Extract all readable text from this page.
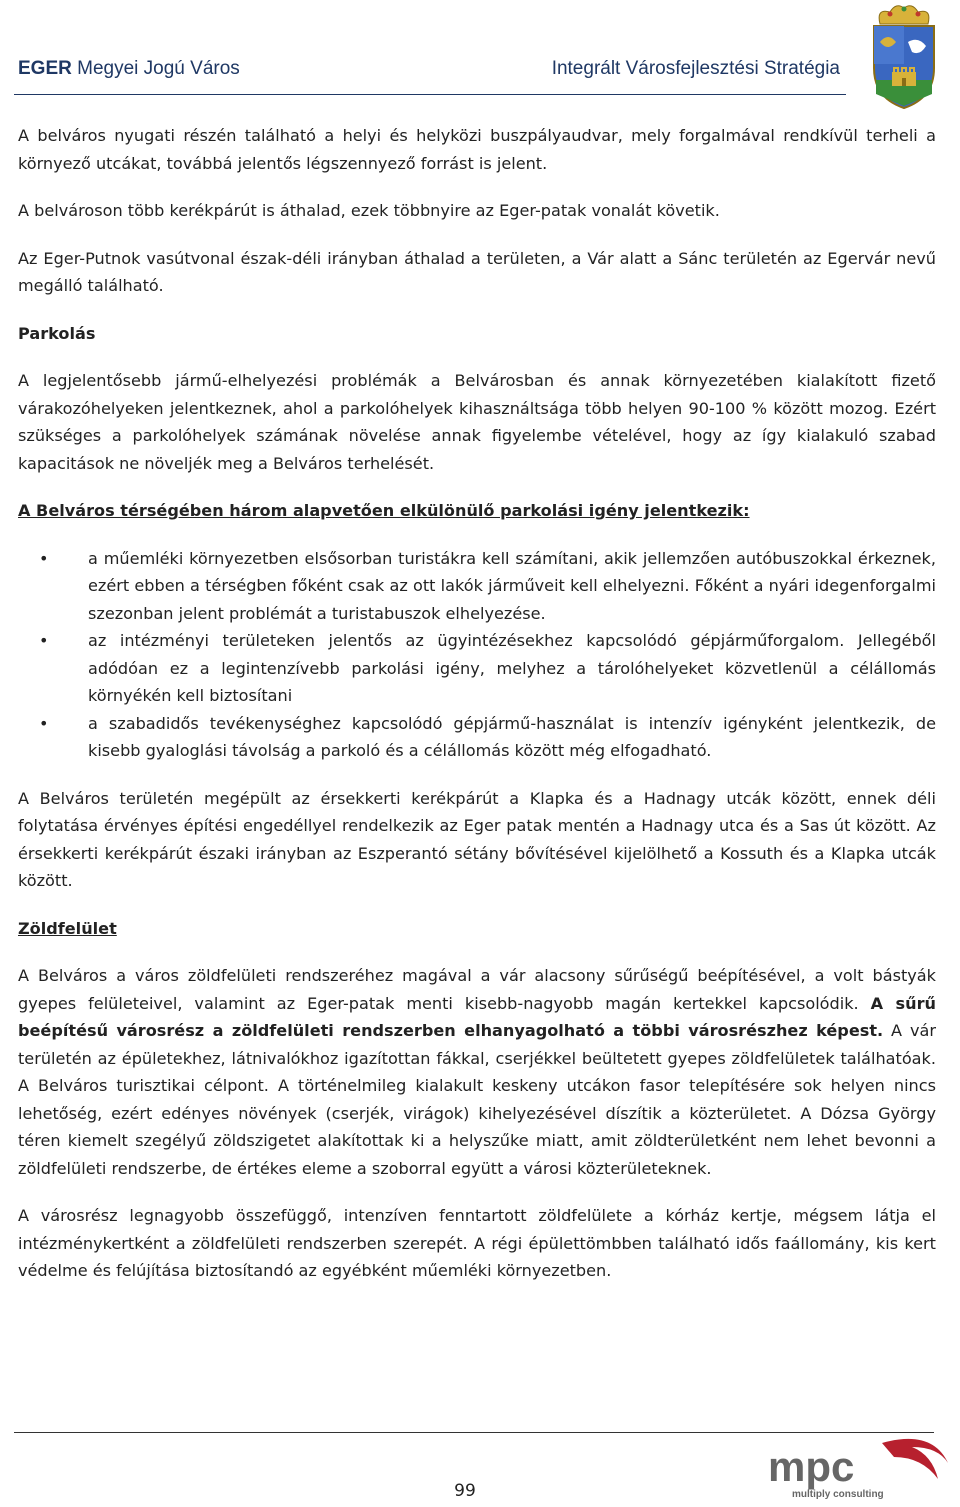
EGER Megyei Jogú Város	Integrált Városfejlesztési Stratégia

A belváros nyugati részén található a helyi és helyközi buszpályaudvar, mely forgalmával rendkívül terheli a környező utcákat, továbbá jelentős légszennyező forrást is jelent.

A belvároson több kerékpárút is áthalad, ezek többnyire az Eger-patak vonalát követik.

Az Eger-Putnok vasútvonal észak-déli irányban áthalad a területen, a Vár alatt a Sánc területén az Egervár nevű megálló található.

Parkolás

A legjelentősebb jármű-elhelyezési problémák a Belvárosban és annak környezetében kialakított fizető várakozóhelyeken jelentkeznek, ahol a parkolóhelyek kihasználtsága több helyen 90-100 % között mozog. Ezért szükséges a parkolóhelyek számának növelése annak figyelembe vételével, hogy az így kialakuló szabad kapacitások ne növeljék meg a Belváros terhelését.

A Belváros térségében három alapvetően elkülönülő parkolási igény jelentkezik:

• a műemléki környezetben elsősorban turistákra kell számítani, akik jellemzően autóbuszokkal érkeznek, ezért ebben a térségben főként csak az ott lakók járműveit kell elhelyezni. Főként a nyári idegenforgalmi szezonban jelent problémát a turistabuszok elhelyezése.
• az intézményi területeken jelentős az ügyintézésekhez kapcsolódó gépjárműforgalom. Jellegéből adódóan ez a legintenzívebb parkolási igény, melyhez a tárolóhelyeket közvetlenül a célállomás környékén kell biztosítani
• a szabadidős tevékenységhez kapcsolódó gépjármű-használat is intenzív igényként jelentkezik, de kisebb gyaloglási távolság a parkoló és a célállomás között még elfogadható.

A Belváros területén megépült az érsekkerti kerékpárút a Klapka és a Hadnagy utcák között, ennek déli folytatása érvényes építési engedéllyel rendelkezik az Eger patak mentén a Hadnagy utca és a Sas út között. Az érsekkerti kerékpárút északi irányban az Eszperantó sétány bővítésével kijelölhető a Kossuth és a Klapka utcák között.

Zöldfelület

A Belváros a város zöldfelületi rendszeréhez magával a vár alacsony sűrűségű beépítésével, a volt bástyák gyepes felületeivel, valamint az Eger-patak menti kisebb-nagyobb magán kertekkel kapcsolódik. A sűrű beépítésű városrész a zöldfelületi rendszerben elhanyagolható a többi városrészhez képest. A vár területén az épületekhez, látnivalókhoz igazítottan fákkal, cserjékkel beültetett gyepes zöldfelületek találhatóak. A Belváros turisztikai célpont. A történelmileg kialakult keskeny utcákon fasor telepítésére sok helyen nincs lehetőség, ezért edényes növények (cserjék, virágok) kihelyezésével díszítik a közterületet. A Dózsa György téren kiemelt szegélyű zöldszigetet alakítottak ki a helyszűke miatt, amit zöldterületként nem lehet bevonni a zöldfelületi rendszerbe, de értékes eleme a szoborral együtt a városi közterületeknek.

A városrész legnagyobb összefüggő, intenzíven fenntartott zöldfelülete a kórház kertje, mégsem látja el intézménykertként a zöldfelületi rendszerben szerepét. A régi épülettömbben található idős faállomány, kis kert védelme és felújítása biztosítandó az egyébként műemléki környezetben.

99
mpc
multiply consulting
